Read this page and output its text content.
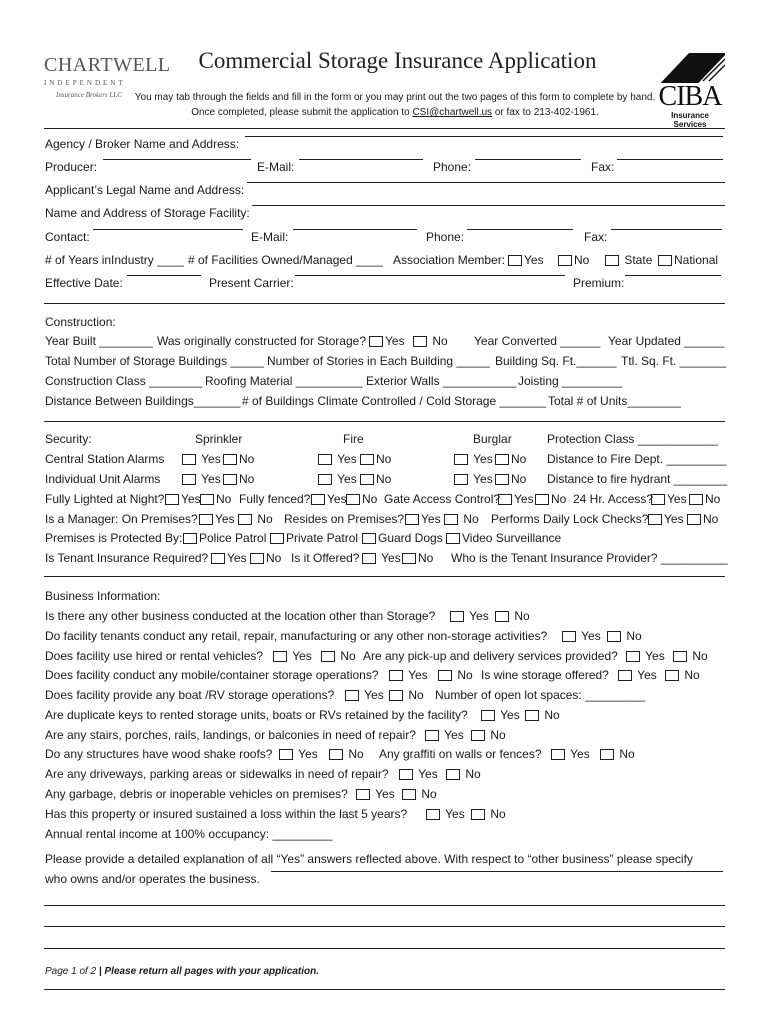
CHARTWELL
INDEPENDENT
Insurance Brokers LLC
Commercial Storage Insurance Application
You may tab through the fields and fill in the form or you may print out the two pages of this form to complete by hand.
Once completed, please submit the application to CSI@chartwell.us or fax to 213-402-1961.
CIBA
Insurance Services
Agency / Broker Name and Address:
Producer:	E-Mail:	Phone:	Fax:
Applicant’s Legal Name and Address:
Name and Address of Storage Facility:
Contact:	E-Mail:	Phone:	Fax:
# of Years inIndustry ____ # of Facilities Owned/Managed ____ Association Member:	Yes	No	State	National
Effective Date:	Present Carrier:	Premium:
Construction:
Year Built ________ Was originally constructed for Storage?	Yes	No Year Converted ______ Year Updated ______
Total Number of Storage Buildings _____ Number of Stories in Each Building _____ Building Sq. Ft.______ Ttl. Sq. Ft. _______
Construction Class ________ Roofing Material __________ Exterior Walls ___________ Joisting _________
Distance Between Buildings_______ # of Buildings Climate Controlled / Cold Storage _______ Total # of Units________
Security:	Sprinkler	Fire	Burglar	Protection Class ____________
Central Station Alarms	Yes	No	Yes	No	Yes	No Distance to Fire Dept. _________
Individual Unit Alarms	Yes	No	Yes	No	Yes	No Distance to fire hydrant ________
Fully Lighted at Night?	Yes	No Fully fenced?	Yes	No Gate Access Control?	Yes	No 24 Hr. Access?	Yes	No
Is a Manager: On Premises?	Yes	No Resides on Premises?	Yes	No Performs Daily Lock Checks?	Yes	No
Premises is Protected By:	Police Patrol	Private Patrol	Guard Dogs	Video Surveillance
Is Tenant Insurance Required?	Yes	No Is it Offered?	Yes	No Who is the Tenant Insurance Provider? __________
Business Information:
Is there any other business conducted at the location other than Storage?	Yes	No
Do facility tenants conduct any retail, repair, manufacturing or any other non-storage activities?	Yes	No
Does facility use hired or rental vehicles?	Yes	No Are any pick-up and delivery services provided?	Yes	No
Does facility conduct any mobile/container storage operations?	Yes	No Is wine storage offered?	Yes	No
Does facility provide any boat /RV storage operations?	Yes	No Number of open lot spaces: _________
Are duplicate keys to rented storage units, boats or RVs retained by the facility?	Yes	No
Are any stairs, porches, rails, landings, or balconies in need of repair?	Yes	No
Do any structures have wood shake roofs?	Yes	No Any graffiti on walls or fences?	Yes	No
Are any driveways, parking areas or sidewalks in need of repair?	Yes	No
Any garbage, debris or inoperable vehicles on premises?	Yes	No
Has this property or insured sustained a loss within the last 5 years?	Yes	No
Annual rental income at 100% occupancy: _________
Please provide a detailed explanation of all “Yes” answers reflected above. With respect to “other business” please specify
who owns and/or operates the business.
Page 1 of 2 | Please return all pages with your application.
